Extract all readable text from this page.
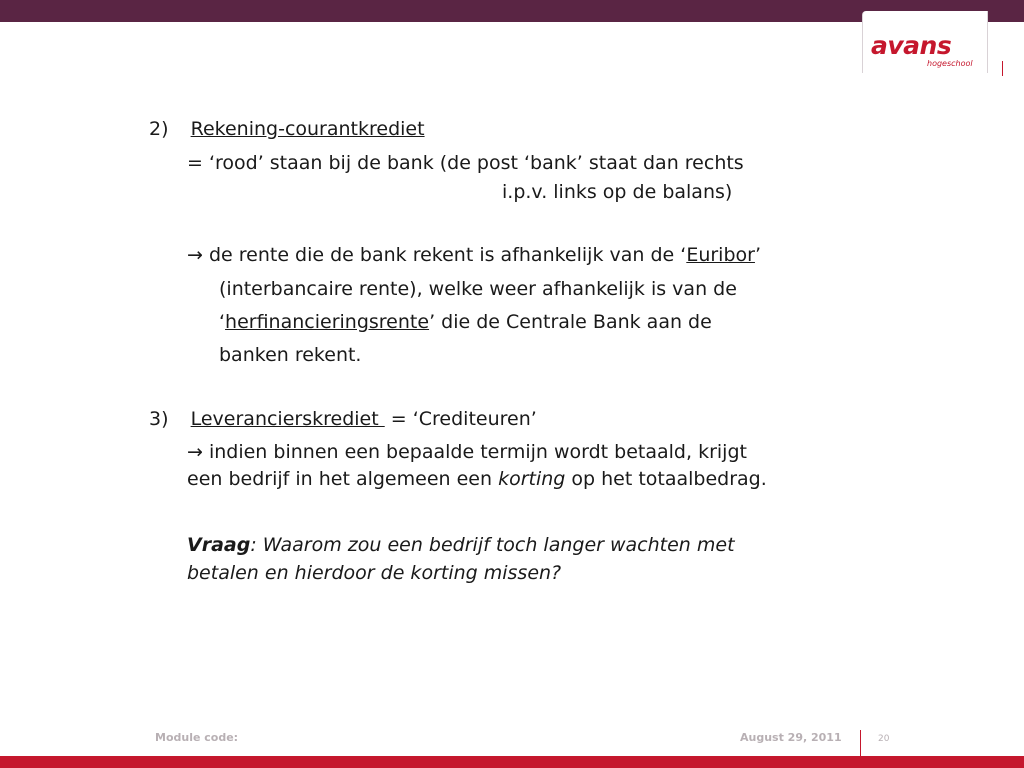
avans
hogeschool
2) Rekening-courantkrediet
= ‘rood’ staan bij de bank (de post ‘bank’ staat dan rechts
i.p.v. links op de balans)
→ de rente die de bank rekent is afhankelijk van de ‘Euribor’
(interbancaire rente), welke weer afhankelijk is van de
‘herfinancieringsrente’ die de Centrale Bank aan de
banken rekent.
3) Leverancierskrediet  = ‘Crediteuren’
→ indien binnen een bepaalde termijn wordt betaald, krijgt
een bedrijf in het algemeen een korting op het totaalbedrag.
Vraag: Waarom zou een bedrijf toch langer wachten met
betalen en hierdoor de korting missen?
Module code:	August 29, 2011	20
